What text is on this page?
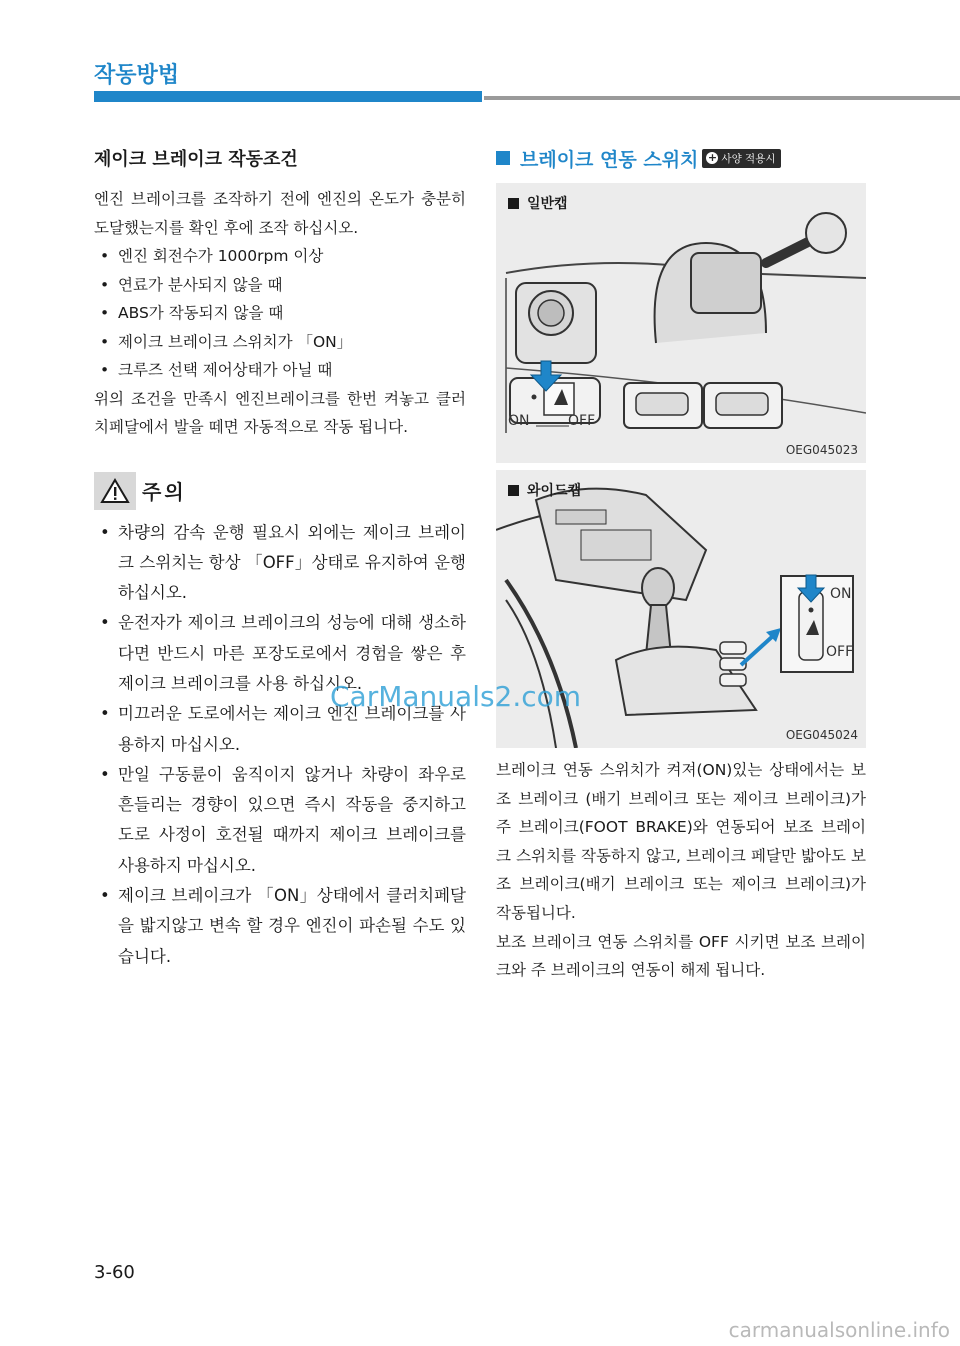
작동방법
제이크 브레이크 작동조건

엔진 브레이크를 조작하기 전에 엔진의 온도가 충분히 도달했는지를 확인 후에 조작 하십시오.

• 엔진 회전수가 1000rpm 이상
• 연료가 분사되지 않을 때
• ABS가 작동되지 않을 때
• 제이크 브레이크 스위치가 「ON」
• 크루즈 선택 제어상태가 아닐 때

위의 조건을 만족시 엔진브레이크를 한번 켜놓고 클러치페달에서 발을 떼면 자동적으로 작동 됩니다.

주의
• 차량의 감속 운행 필요시 외에는 제이크 브레이크 스위치는 항상 「OFF」상태로 유지하여 운행하십시오.
• 운전자가 제이크 브레이크의 성능에 대해 생소하다면 반드시 마른 포장도로에서 경험을 쌓은 후 제이크 브레이크를 사용 하십시오.
• 미끄러운 도로에서는 제이크 엔진 브레이크를 사용하지 마십시오.
• 만일 구동륜이 움직이지 않거나 차량이 좌우로 흔들리는 경향이 있으면 즉시 작동을 중지하고 도로 사정이 호전될 때까지 제이크 브레이크를 사용하지 마십시오.
• 제이크 브레이크가 「ON」상태에서 클러치페달을 밟지않고 변속 할 경우 엔진이 파손될 수도 있습니다.
브레이크 연동 스위치 + 사양 적용시
일반캡
ON	OFF
OEG045023
와이드캡
ON
OFF
OEG045024

브레이크 연동 스위치가 켜져(ON)있는 상태에서는 보조 브레이크 (배기 브레이크 또는 제이크 브레이크)가 주 브레이크(FOOT BRAKE)와 연동되어 보조 브레이크 스위치를 작동하지 않고, 브레이크 페달만 밟아도 보조 브레이크(배기 브레이크 또는 제이크 브레이크)가 작동됩니다.

보조 브레이크 연동 스위치를 OFF 시키면 보조 브레이크와 주 브레이크의 연동이 해제 됩니다.

CarManuals2.com
3-60
carmanualsonline.info
